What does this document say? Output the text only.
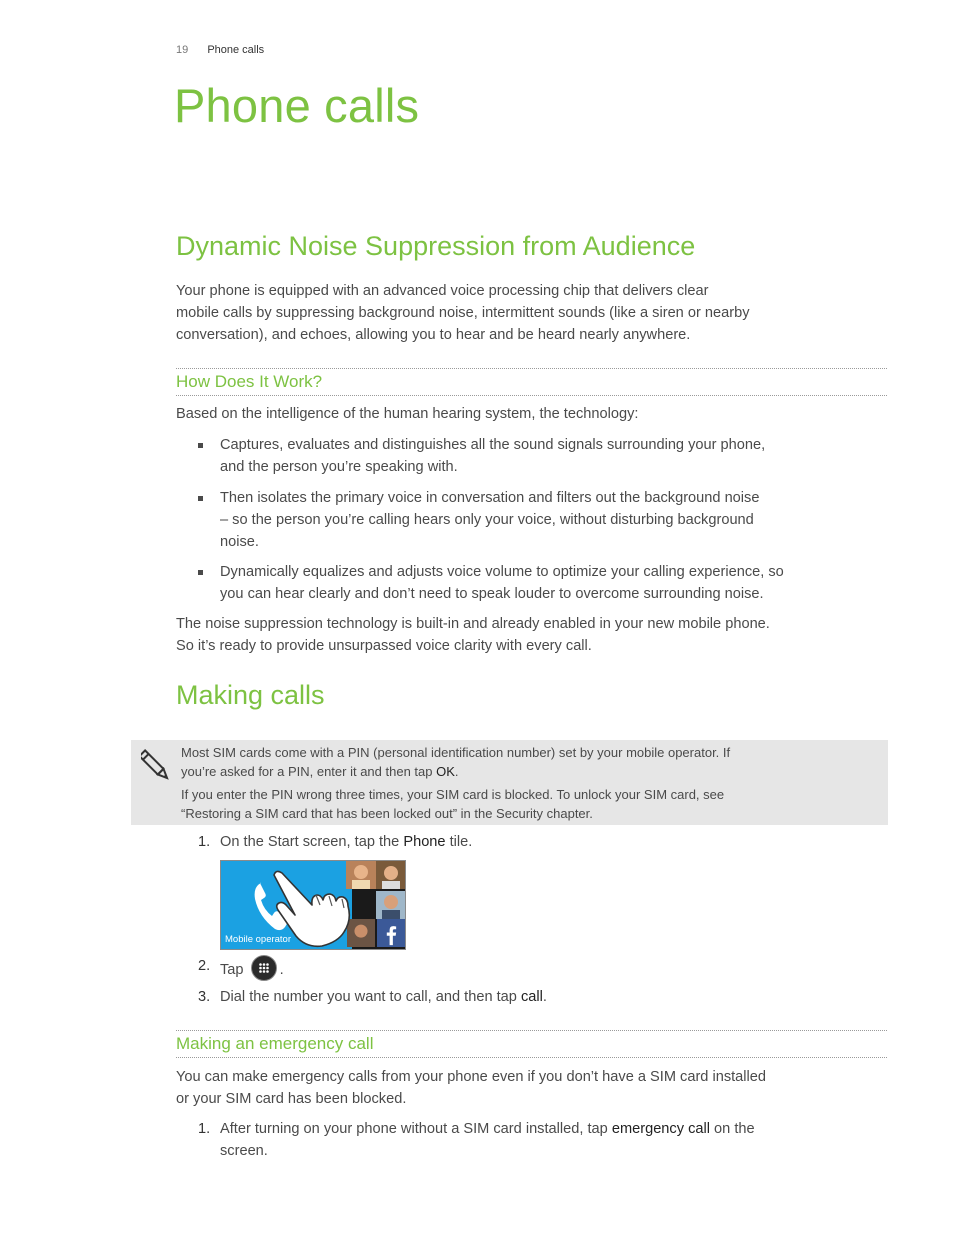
19 Phone calls
Phone calls
Dynamic Noise Suppression from Audience
Your phone is equipped with an advanced voice processing chip that delivers clear
mobile calls by suppressing background noise, intermittent sounds (like a siren or nearby
conversation), and echoes, allowing you to hear and be heard nearly anywhere.
How Does It Work?
Based on the intelligence of the human hearing system, the technology:
Captures, evaluates and distinguishes all the sound signals surrounding your phone,
and the person you’re speaking with.
Then isolates the primary voice in conversation and filters out the background noise
– so the person you’re calling hears only your voice, without disturbing background
noise.
Dynamically equalizes and adjusts voice volume to optimize your calling experience, so
you can hear clearly and don’t need to speak louder to overcome surrounding noise.
The noise suppression technology is built-in and already enabled in your new mobile phone.
So it’s ready to provide unsurpassed voice clarity with every call.
Making calls

Most SIM cards come with a PIN (personal identification number) set by your mobile operator. If
you’re asked for a PIN, enter it and then tap OK.

If you enter the PIN wrong three times, your SIM card is blocked. To unlock your SIM card, see
“Restoring a SIM card that has been locked out” in the Security chapter.

1. On the Start screen, tap the Phone tile.
Mobile operator
2. Tap
.
3. Dial the number you want to call, and then tap call.
Making an emergency call
You can make emergency calls from your phone even if you don’t have a SIM card installed
or your SIM card has been blocked.
1. After turning on your phone without a SIM card installed, tap emergency call on the
screen.
